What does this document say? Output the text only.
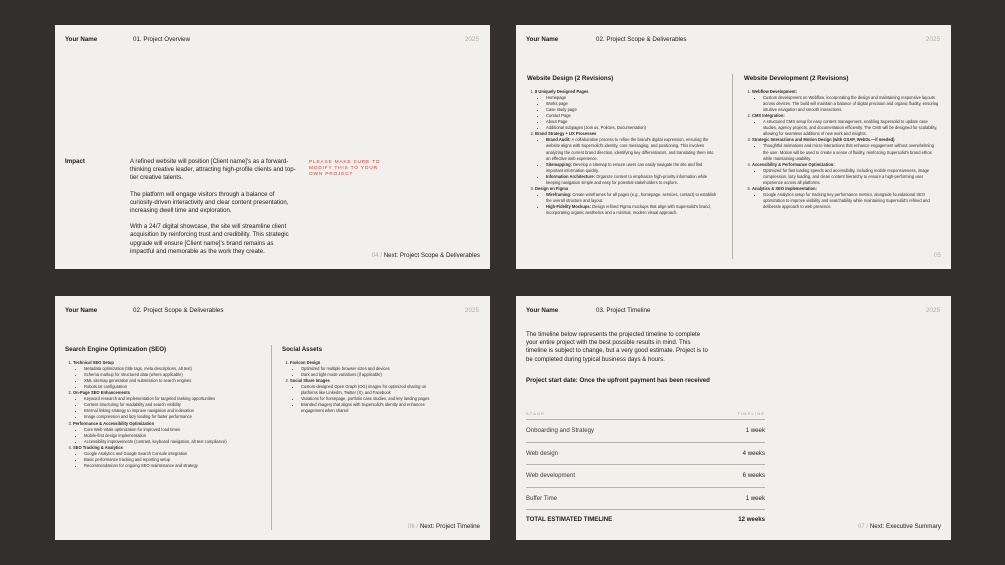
Your Name	01. Project Overview	2025
Impact	A refined website will position [Client name]'s as a forward-thinking creative leader, attracting high-profile clients and top-tier creative talents.

The platform will engage visitors through a balance of curiosity-driven interactivity and clear content presentation, increasing dwell time and exploration.

With a 24/7 digital showcase, the site will streamline client acquisition by reinforcing trust and credibility. This strategic upgrade will ensure [Client name]'s brand remains as impactful and memorable as the work they create.

PLEASE MAKE SURE TO MODIFY THIS TO YOUR OWN PROJECT
04 / Next: Project Scope & Deliverables
Your Name	02. Project Scope & Deliverables	2025
Website Design (2 Revisions)
1. 8 Uniquely Designed Pages
• Homepage
• Works page
• Case study page
• Contact Page
• About Page
• Additional subpages (Join us, Policies, Documentation)
2. Brand Strategy + UX Processes
• Brand Audit: A collaborative process to refine the brand's digital expression, ensuring the website aligns with Supersolid's identity, core messaging, and positioning. This involves analyzing the current brand direction, identifying key differentiators, and translating them into an effective web experience.
• Sitemapping: Develop a sitemap to ensure users can easily navigate the site and find important information quickly.
• Information Architecture: Organize content to emphasize high-priority information while keeping navigation simple and easy for potential stakeholders to explore.
3. Design on Figma
• Wireframing: Create wireframes for all pages (e.g., homepage, services, contact) to establish the overall structure and layout.
• High-Fidelity Mockups: Design refined Figma mockups that align with Supersolid's brand, incorporating organic aesthetics and a minimal, modern visual approach.
Website Development (2 Revisions)
1. Webflow Development:
• Custom development on Webflow, incorporating the design and maintaining responsive layouts across devices. The build will maintain a balance of digital precision and organic fluidity, ensuring intuitive navigation and smooth interactions.
2. CMS Integration:
• A structured CMS setup for easy content management, enabling Supersolid to update case studies, agency projects, and documentation efficiently. The CMS will be designed for scalability, allowing for seamless additions of new work and insights.
3. Strategic Interactions and Motion Design (with GSAP, WebGL—if needed)
• Thoughtful animations and micro-interactions that enhance engagement without overwhelming the user. Motion will be used to create a sense of fluidity, reinforcing Supersolid's brand ethos while maintaining usability.
4. Accessibility & Performance Optimization:
• Optimized for fast loading speeds and accessibility, including mobile responsiveness, image compression, lazy loading, and clean content hierarchy to ensure a high-performing user experience across all platforms.
5. Analytics & SEO Implementation:
• Google Analytics setup for tracking key performance metrics, alongside foundational SEO optimization to improve visibility and searchability while maintaining Supersolid's refined and deliberate approach to web presence.
05
Your Name	02. Project Scope & Deliverables	2025
Search Engine Optimization (SEO)
1. Technical SEO Setup
• Metadata optimization (title tags, meta descriptions, alt text)
• Schema markup for structured data (where applicable)
• XML sitemap generation and submission to search engines
• Robots.txt configuration
2. On-Page SEO Enhancements
• Keyword research and implementation for targeted ranking opportunities
• Content structuring for readability and search visibility
• Internal linking strategy to improve navigation and indexation
• Image compression and lazy loading for faster performance
3. Performance & Accessibility Optimization
• Core Web Vitals optimization for improved load times
• Mobile-first design implementation
• Accessibility improvements (contrast, keyboard navigation, alt text compliance)
4. SEO Tracking & Analytics
• Google Analytics and Google Search Console integration
• Basic performance tracking and reporting setup
• Recommendations for ongoing SEO maintenance and strategy
Social Assets
1. Favicon Design
• Optimized for multiple browser sizes and devices
• Dark and light mode variations (if applicable)
2. Social Share Images
• Custom-designed Open Graph (OG) images for optimized sharing on platforms like LinkedIn, Twitter (X), and Facebook
• Variations for homepage, portfolio case studies, and key landing pages
• Branded imagery that aligns with Supersolid's identity and enhances engagement when shared
06 / Next: Project Timeline
Your Name	03. Project Timeline	2025
The timeline below represents the projected timeline to complete your entire project with the best possible results in mind. This timeline is subject to change, but a very good estimate. Project is to be completed during typical business days & hours.
Project start date: Once the upfront payment has been received
STAGE	TIMELINE
Onboarding and Strategy	1 week
Web design	4 weeks
Web development	6 weeks
Buffer Time	1 week
TOTAL ESTIMATED TIMELINE	12 weeks
07 / Next: Executive Summary
